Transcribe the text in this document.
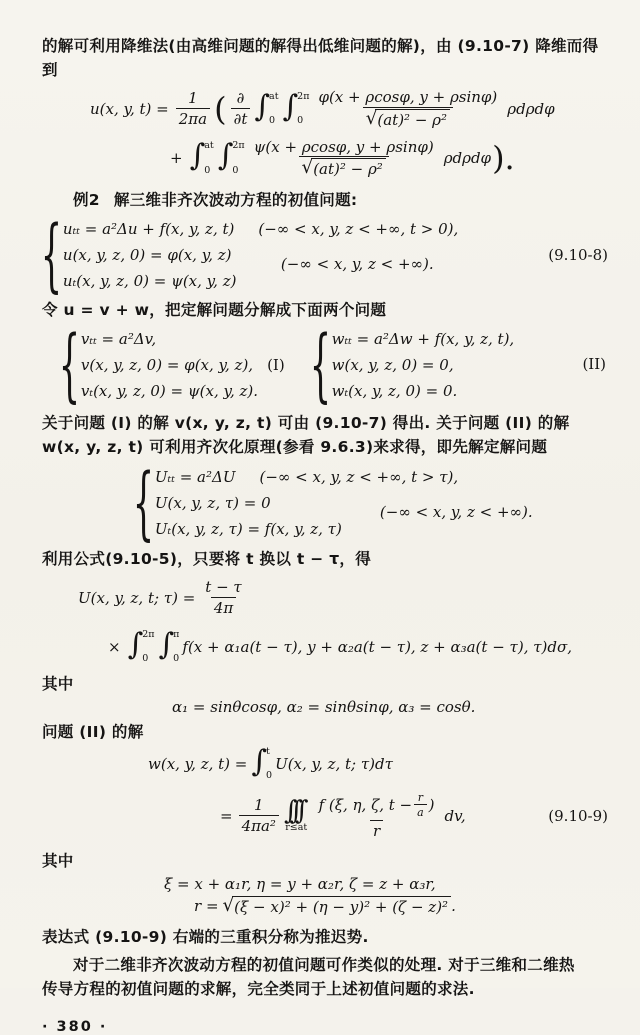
的解可利用降维法(由高维问题的解得出低维问题的解)，由 (9.10-7) 降维而得

到

u(x, y, $t) = \frac{1}{2\pi a}$ ( $\frac{\partial}{\partial t}$ ∫ at
0 ∫ 2π
$0 \frac{\varphi(x + \rho\cos\varphi, y + \rho\sin\varphi)}{\text{√ (at)² − ρ²}}$ ρdρdφ
+ ∫ at
0 ∫ 2π
$0 \frac{\psi(x + \rho\cos\varphi, y + \rho\sin\varphi)}{\text{√ (at)² − ρ²}}$ ρdρdφ ).

例2 解三维非齐次波动方程的初值问题:

{ uₜₜ = a²Δu + f(x, y, z, t) (−∞ < x, y, z < +∞, t > 0),
u(x, y, z, 0) = φ(x, y, z)
uₜ(x, y, z, 0) = ψ(x, y, z)
(−∞ < x, y, z < +∞).	(9.10-8)

令 u = v + w，把定解问题分解成下面两个问题

{ vₜₜ = a²Δv,
v(x, y, z, 0) = φ(x, y, z), (I)
vₜ(x, y, z, 0) = ψ(x, y, z). { wₜₜ = a²Δw + f(x, y, z, t),
w(x, y, z, 0) = 0,
wₜ(x, y, z, 0) = 0.
(II)

关于问题 (I) 的解 v(x, y, z, t) 可由 (9.10-7) 得出. 关于问题 (II) 的解

w(x, y, z, t) 可利用齐次化原理(参看 9.6.3)来求得，即先解定解问题

{ Uₜₜ = a²ΔU (−∞ < x, y, z < +∞, t > τ),
U(x, y, z, τ) = 0
Uₜ(x, y, z, τ) = f(x, y, z, τ)
(−∞ < x, y, z < +∞).

利用公式(9.10-5)，只要将 t 换以 t − τ，得

U(x, y, z, t; $\tau) = \frac{t - \tau}{4\pi}$
× ∫ 2π
0 ∫ π
0
f(x + α₁a(t − τ), y + α₂a(t − τ), z + α₃a(t − τ), τ)dσ,

其中

α₁ = sinθcosφ, α₂ = sinθsinφ, α₃ = cosθ.

问题 (II) 的解

w(x, y, z, t) = ∫ t
0
U(x, y, z, t; τ)dτ
= $\frac{1}{\text{4πa²}}$ ∫∫∫
$r\le at \frac{f (\xi, \eta, \zeta, t - \frac{r}{a} )}{r}$ dv,	(9.10-9)

其中

ξ = x + α₁r, η = y + α₂r, ζ = z + α₃r,

r = √ (ξ − x)² + (η − y)² + (ζ − z)² .

表达式 (9.10-9) 右端的三重积分称为推迟势.

对于二维非齐次波动方程的初值问题可作类似的处理. 对于三维和二维热

传导方程的初值问题的求解，完全类同于上述初值问题的求法.

· 380 ·
